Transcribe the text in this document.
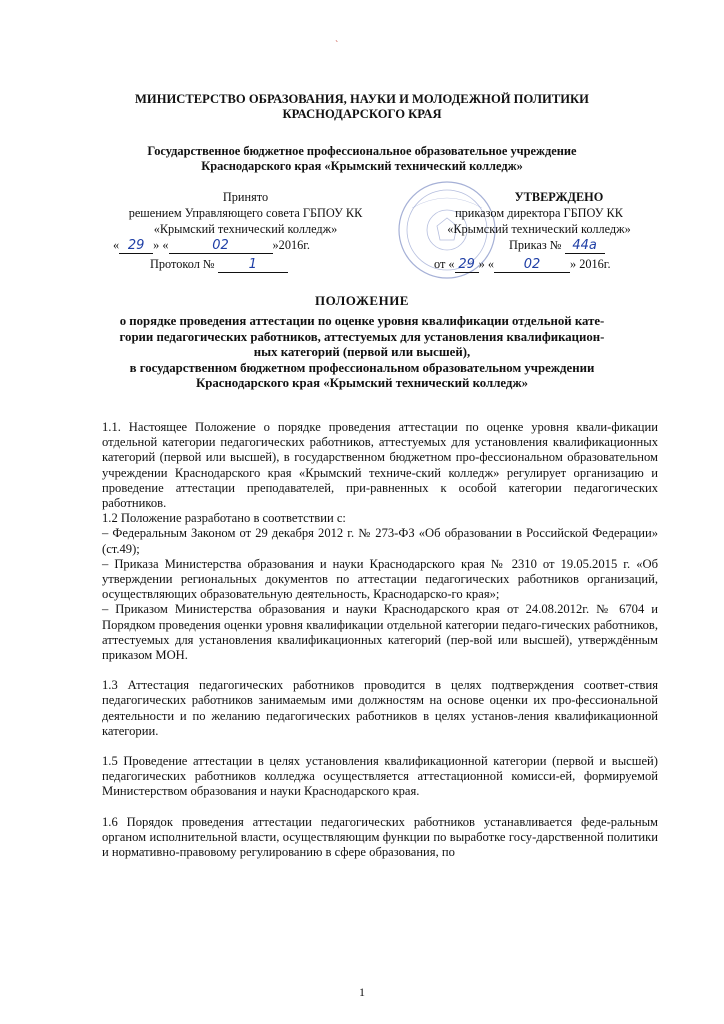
`
МИНИСТЕРСТВО ОБРАЗОВАНИЯ, НАУКИ И МОЛОДЕЖНОЙ ПОЛИТИКИ
КРАСНОДАРСКОГО КРАЯ
Государственное бюджетное профессиональное образовательное учреждение
Краснодарского края «Крымский технический колледж»
Принято
решением Управляющего совета ГБПОУ КК
«Крымский технический колледж»
« 29 » «	02	»2016г.
Протокол № 1
УТВЕРЖДЕНО
приказом директора ГБПОУ КК
«Крымский технический колледж»
Приказ № 44а
от « 29 » « 02 » 2016г.
ПОЛОЖЕНИЕ
о порядке проведения аттестации по оценке уровня квалификации отдельной кате-
гории педагогических работников, аттестуемых для установления квалификацион-
ных категорий (первой или высшей),
в государственном бюджетном профессиональном образовательном учреждении
Краснодарского края «Крымский технический колледж»

1.1. Настоящее Положение о порядке проведения аттестации по оценке уровня квали-фикации отдельной категории педагогических работников, аттестуемых для установления квалификационных категорий (первой или высшей), в государственном бюджетном про-фессиональном образовательном учреждении Краснодарского края «Крымский техниче-ский колледж» регулирует организацию и проведение аттестации преподавателей, при-равненных к особой категории педагогических работников.

1.2 Положение разработано в соответствии с:

– Федеральным Законом от 29 декабря 2012 г. № 273-ФЗ «Об образовании в Российской Федерации» (ст.49);

– Приказа Министерства образования и науки Краснодарского края № 2310 от 19.05.2015 г. «Об утверждении региональных документов по аттестации педагогических работников организаций, осуществляющих образовательную деятельность, Краснодарско-го края»;

– Приказом Министерства образования и науки Краснодарского края от 24.08.2012г. № 6704 и Порядком проведения оценки уровня квалификации отдельной категории педаго-гических работников, аттестуемых для установления квалификационных категорий (пер-вой или высшей), утверждённым приказом МОН.

1.3 Аттестация педагогических работников проводится в целях подтверждения соответ-ствия педагогических работников занимаемым ими должностям на основе оценки их про-фессиональной деятельности и по желанию педагогических работников в целях установ-ления квалификационной категории.

1.5 Проведение аттестации в целях установления квалификационной категории (первой и высшей) педагогических работников колледжа осуществляется аттестационной комисси-ей, формируемой Министерством образования и науки Краснодарского края.

1.6 Порядок проведения аттестации педагогических работников устанавливается феде-ральным органом исполнительной власти, осуществляющим функции по выработке госу-дарственной политики и нормативно-правовому регулированию в сфере образования, по

1
